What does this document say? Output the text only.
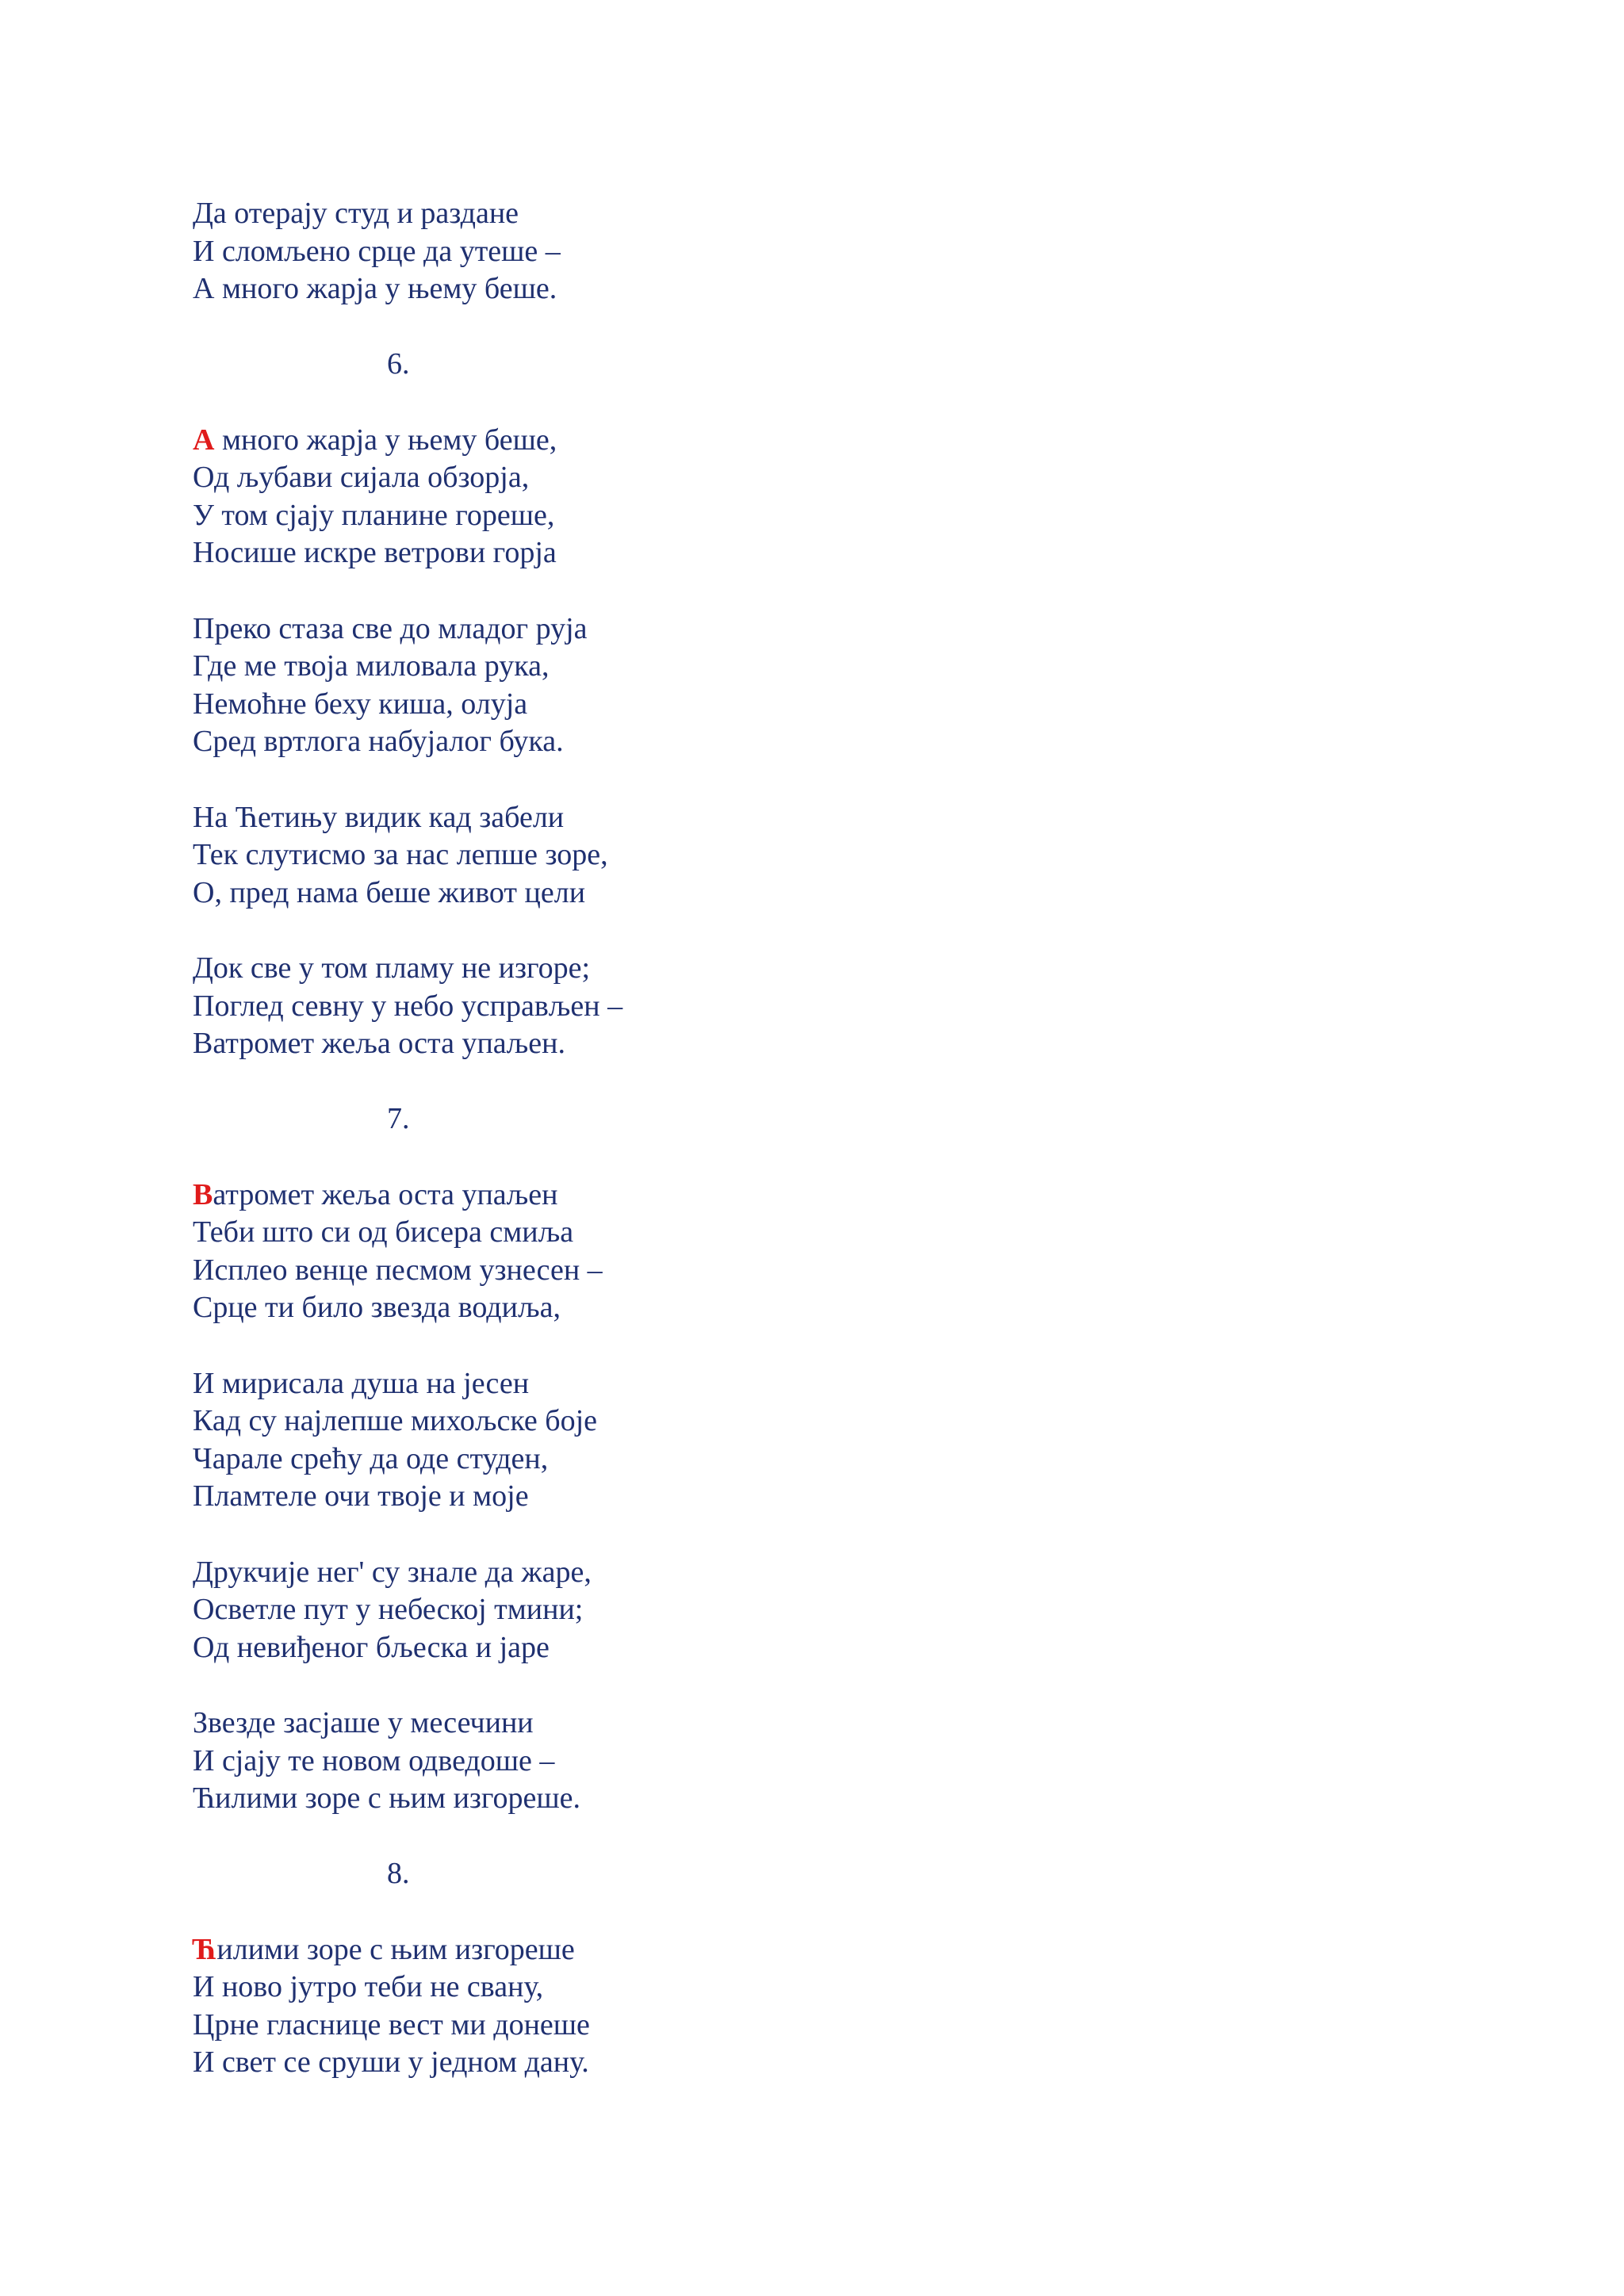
Да отерају студ и раздане
И сломљено срце да утеше –
А много жарја у њему беше.
6.
А много жарја у њему беше,
Од љубави сијала обзорја,
У том сјају планине гореше,
Носише искре ветрови горја
Преко стаза све до младог руја
Где ме твоја миловала рука,
Немоћне беху киша, олуја
Сред вртлога набујалог бука.
На Ћетињу видик кад забели
Тек слутисмо за нас лепше зоре,
О, пред нама беше живот цели
Док све у том пламу не изгоре;
Поглед севну у небо усправљен –
Ватромет жеља оста упаљен.
7.
Ватромет жеља оста упаљен
Теби што си од бисера смиља
Исплео венце песмом узнесен –
Срце ти било звезда водиља,
И мирисала душа на јесен
Кад су најлепше михољске боје
Чарале срећу да оде студен,
Пламтеле очи твоје и моје
Друкчије нег' су знале да жаре,
Осветле пут у небеској тмини;
Од невиђеног бљеска и јаре
Звезде засјаше у месечини
И сјају те новом одведоше –
Ћилими зоре с њим изгореше.
8.
Ћилими зоре с њим изгореше
И ново јутро теби не свану,
Црне гласнице вест ми донеше
И свет се сруши у једном дану.
